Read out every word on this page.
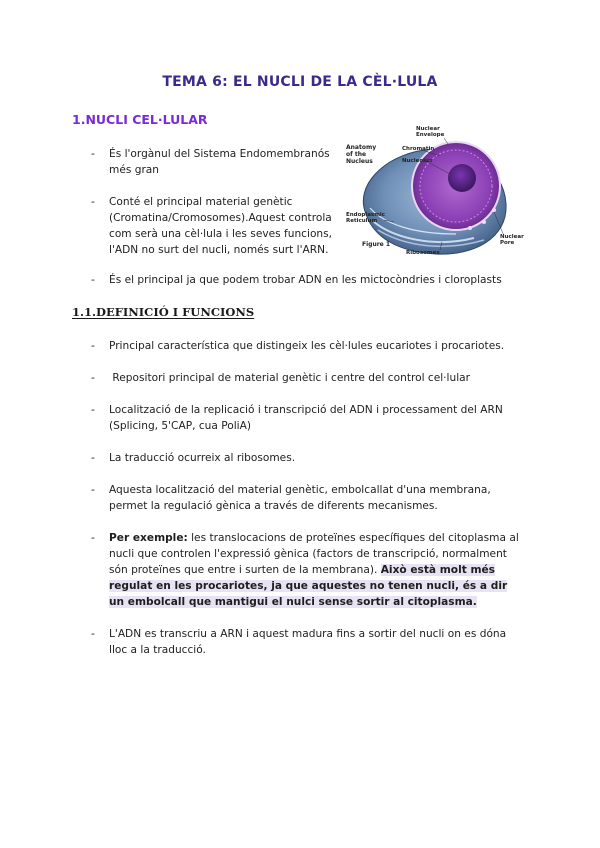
TEMA 6: EL NUCLI DE LA CÈL·LULA
1.NUCLI CEL·LULAR
-	És l'orgànul del Sistema Endomembranós més gran
-	Conté el principal material genètic (Cromatina/Cromosomes).Aquest controla com serà una cèl·lula i les seves funcions, l'ADN no surt del nucli, només surt l'ARN.
-	És el principal ja que podem trobar ADN en les mictocòndries i cloroplasts
Anatomy
of the
Nucleus
Nuclear
Envelope
Chromatin
Nucleolus
Endoplasmic
Reticulum
Figure 1
Ribosomes
Nuclear
Pore
1.1.DEFINICIÓ I FUNCIONS
-	Principal característica que distingeix les cèl·lules eucariotes i procariotes.
-	Repositori principal de material genètic i centre del control cel·lular
-	Localització de la replicació i transcripció del ADN i processament del ARN (Splicing, 5'CAP, cua PoliA)
-	La traducció ocurreix al ribosomes.
-	Aquesta localització del material genètic, embolcallat d'una membrana, permet la regulació gènica a través de diferents mecanismes.
-	Per exemple: les translocacions de proteïnes específiques del citoplasma al nucli que controlen l'expressió gènica (factors de transcripció, normalment són proteïnes que entre i surten de la membrana). Això està molt més regulat en les procariotes, ja que aquestes no tenen nucli, és a dir un embolcall que mantigui el nulci sense sortir al citoplasma.
-	L'ADN es transcriu a ARN i aquest madura fins a sortir del nucli on es dóna lloc a la traducció.
